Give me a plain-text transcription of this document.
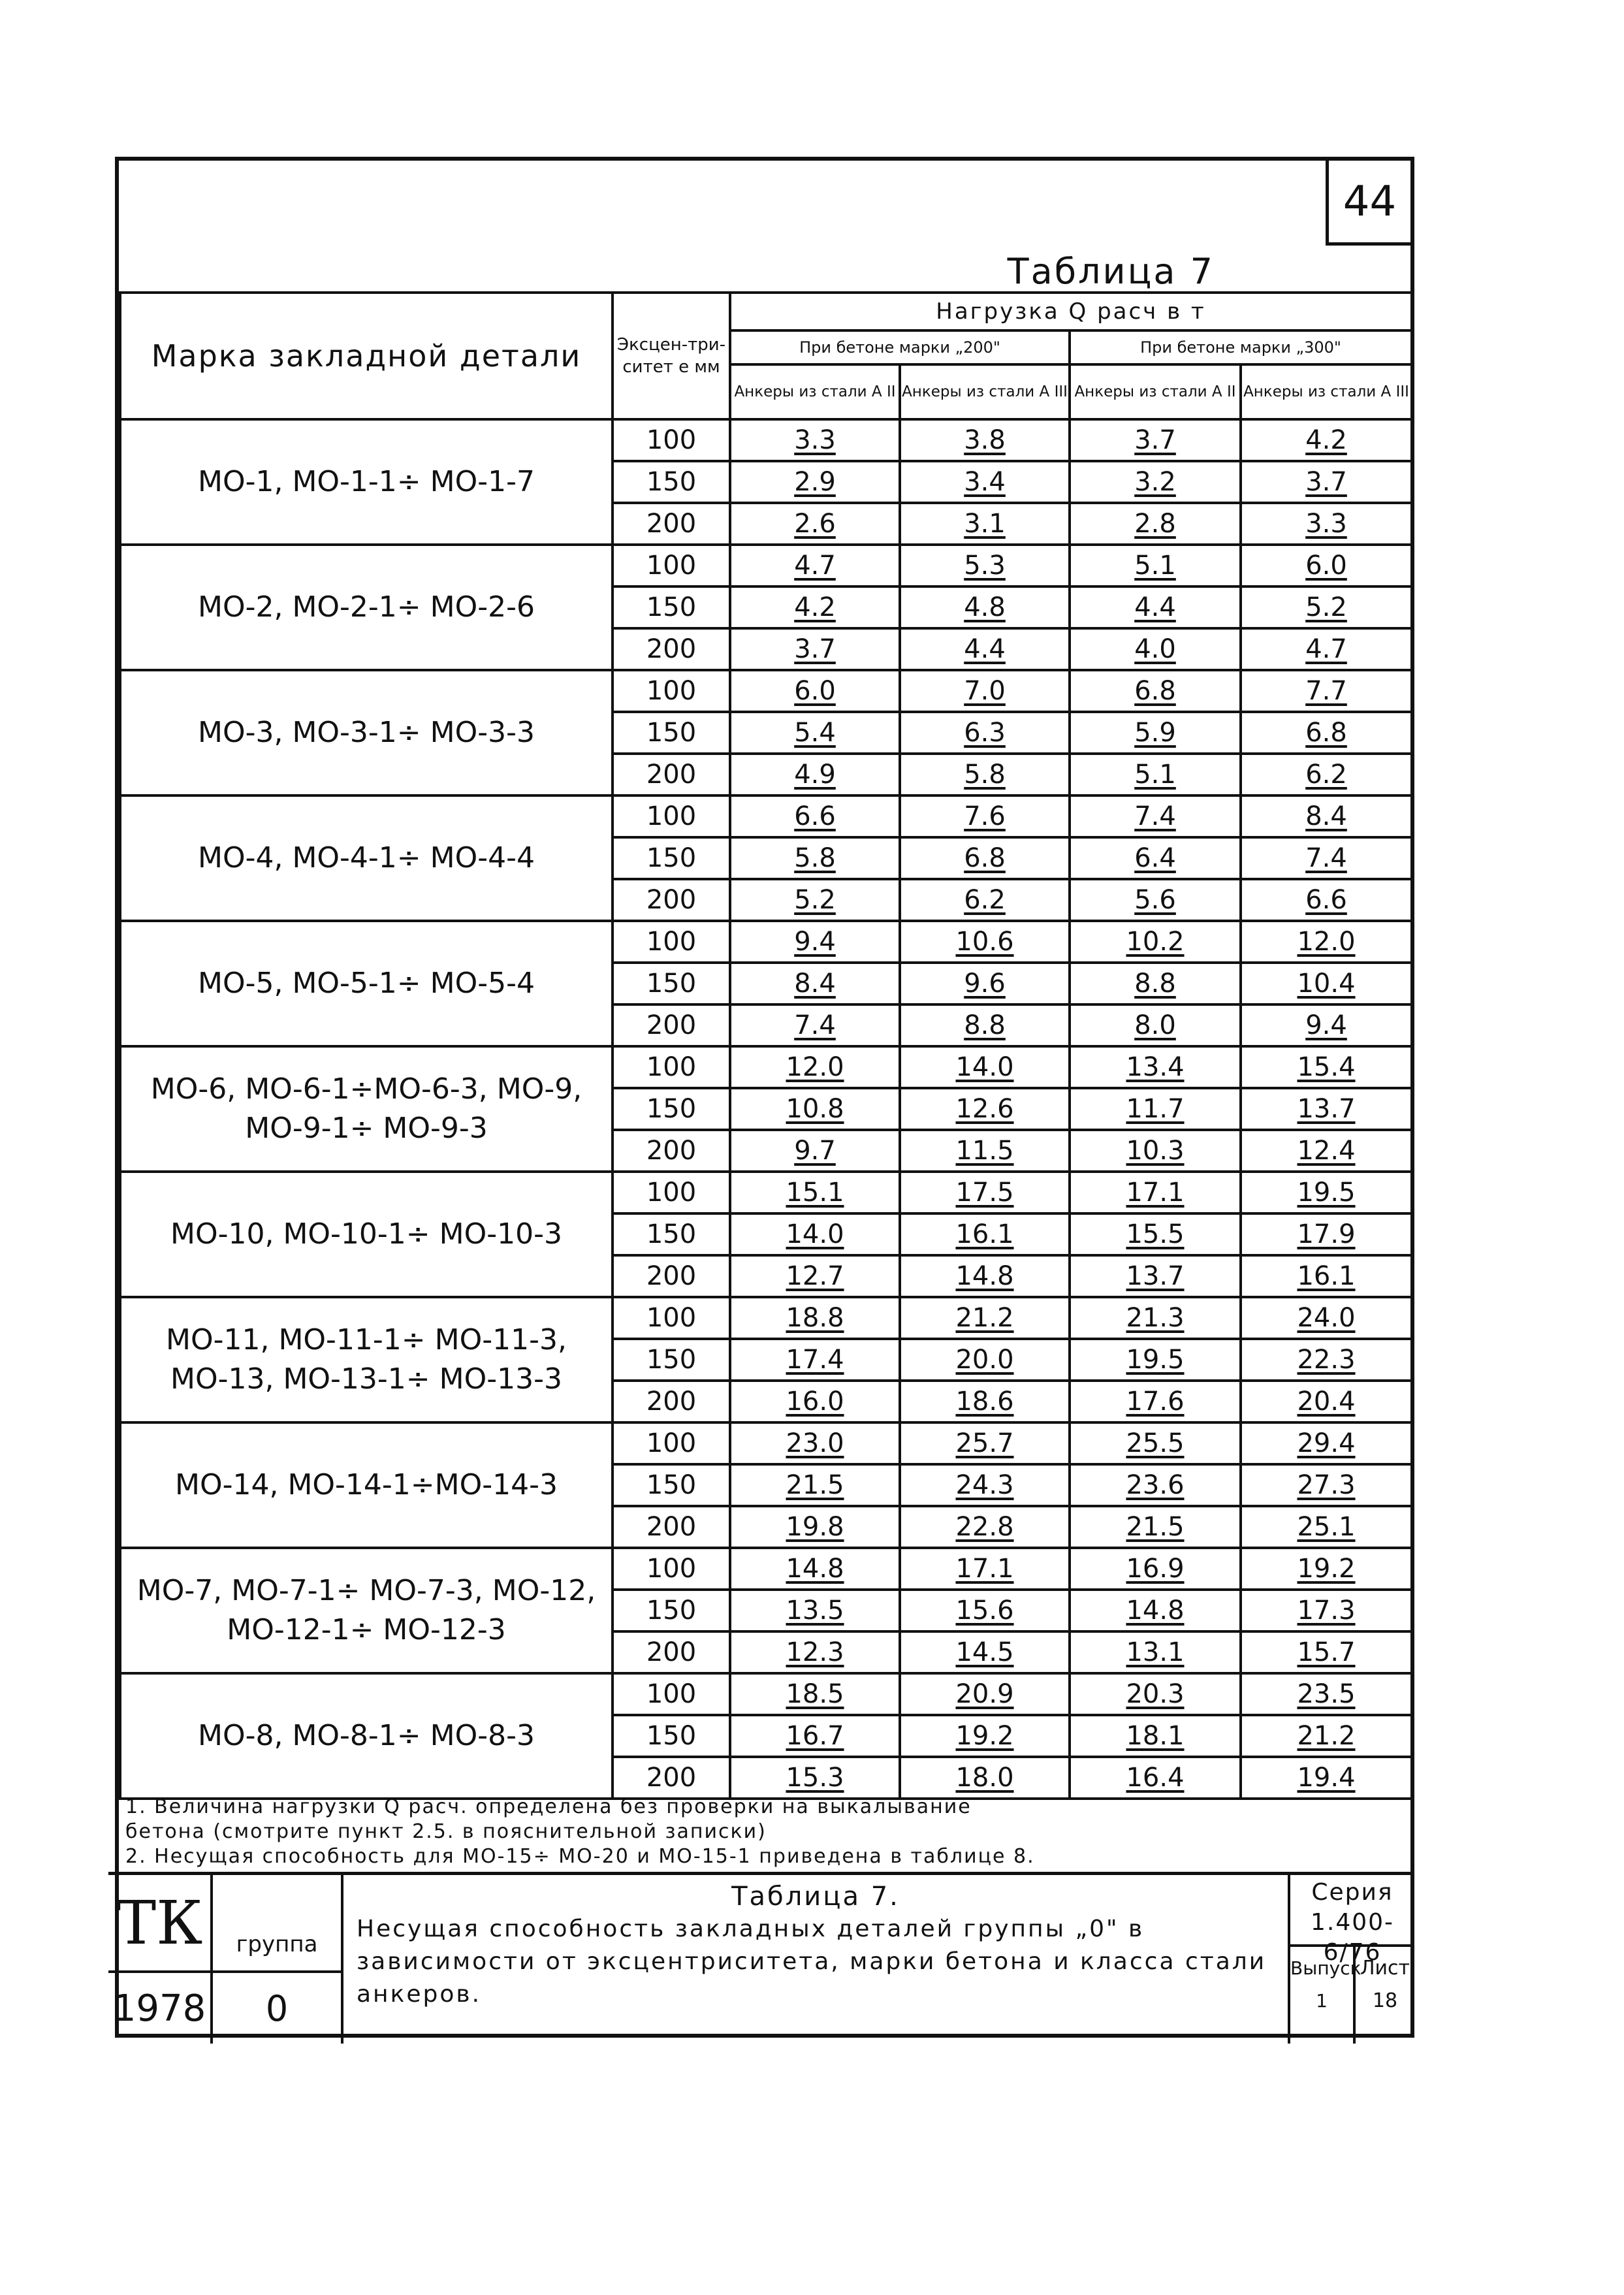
44
Таблица 7
Марка закладной детали	Эксцен-три-ситет е мм	Нагрузка Q расч в т			
		При бетоне марки „200"		При бетоне марки „300"	
		Анкеры из стали А II	Анкеры из стали А III	Анкеры из стали А II	Анкеры из стали А III
МО-1, МО-1-1÷ МО-1-7	100	3.3	3.8	3.7	4.2
	150	2.9	3.4	3.2	3.7
	200	2.6	3.1	2.8	3.3
МО-2, МО-2-1÷ МО-2-6	100	4.7	5.3	5.1	6.0
	150	4.2	4.8	4.4	5.2
	200	3.7	4.4	4.0	4.7
МО-3, МО-3-1÷ МО-3-3	100	6.0	7.0	6.8	7.7
	150	5.4	6.3	5.9	6.8
	200	4.9	5.8	5.1	6.2
МО-4, МО-4-1÷ МО-4-4	100	6.6	7.6	7.4	8.4
	150	5.8	6.8	6.4	7.4
	200	5.2	6.2	5.6	6.6
МО-5, МО-5-1÷ МО-5-4	100	9.4	10.6	10.2	12.0
	150	8.4	9.6	8.8	10.4
	200	7.4	8.8	8.0	9.4
МО-6, МО-6-1÷МО-6-3, МО-9, МО-9-1÷ МО-9-3	100	12.0	14.0	13.4	15.4
	150	10.8	12.6	11.7	13.7
	200	9.7	11.5	10.3	12.4
МО-10, МО-10-1÷ МО-10-3	100	15.1	17.5	17.1	19.5
	150	14.0	16.1	15.5	17.9
	200	12.7	14.8	13.7	16.1
МО-11, МО-11-1÷ МО-11-3, МО-13, МО-13-1÷ МО-13-3	100	18.8	21.2	21.3	24.0
	150	17.4	20.0	19.5	22.3
	200	16.0	18.6	17.6	20.4
МО-14, МО-14-1÷МО-14-3	100	23.0	25.7	25.5	29.4
	150	21.5	24.3	23.6	27.3
	200	19.8	22.8	21.5	25.1
МО-7, МО-7-1÷ МО-7-3, МО-12, МО-12-1÷ МО-12-3	100	14.8	17.1	16.9	19.2
	150	13.5	15.6	14.8	17.3
	200	12.3	14.5	13.1	15.7
МО-8, МО-8-1÷ МО-8-3	100	18.5	20.9	20.3	23.5
	150	16.7	19.2	18.1	21.2
	200	15.3	18.0	16.4	19.4
1. Величина нагрузки Q расч. определена без проверки на выкалывание
бетона (смотрите пункт 2.5. в пояснительной записки)
2. Несущая способность для МО-15÷ МО-20 и МО-15-1 приведена в таблице 8.
ТК
1978
группа
0
Таблица 7.
Несущая способность закладных деталей группы „0" в зависимости от эксцентриситета, марки бетона и класса стали анкеров.
Серия
1.400-6/76
Выпуск
1
Лист
18
